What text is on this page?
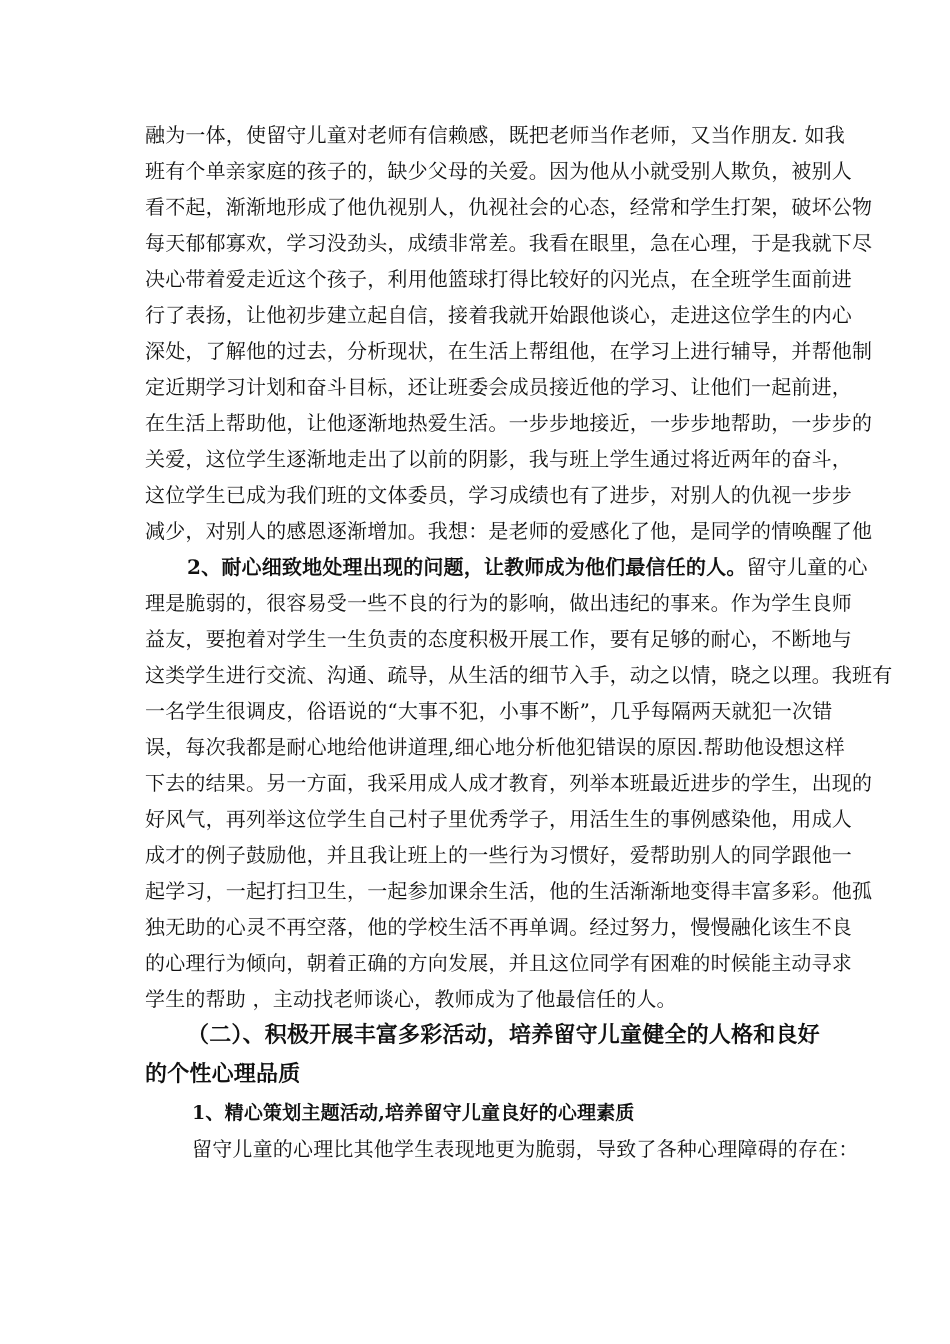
融为一体，使留守儿童对老师有信赖感，既把老师当作老师，又当作朋友. 如我
班有个单亲家庭的孩子的，缺少父母的关爱。因为他从小就受别人欺负，被别人
看不起，渐渐地形成了他仇视别人，仇视社会的心态，经常和学生打架，破坏公物
每天郁郁寡欢，学习没劲头，成绩非常差。我看在眼里，急在心理，于是我就下尽
决心带着爱走近这个孩子，利用他篮球打得比较好的闪光点，在全班学生面前进
行了表扬，让他初步建立起自信，接着我就开始跟他谈心，走进这位学生的内心
深处，了解他的过去，分析现状，在生活上帮组他，在学习上进行辅导，并帮他制
定近期学习计划和奋斗目标，还让班委会成员接近他的学习、让他们一起前进，
在生活上帮助他，让他逐渐地热爱生活。一步步地接近，一步步地帮助，一步步的
关爱，这位学生逐渐地走出了以前的阴影，我与班上学生通过将近两年的奋斗，
这位学生已成为我们班的文体委员，学习成绩也有了进步，对别人的仇视一步步
减少，对别人的感恩逐渐增加。我想：是老师的爱感化了他，是同学的情唤醒了他
2、耐心细致地处理出现的问题，让教师成为他们最信任的人。留守儿童的心
理是脆弱的，很容易受一些不良的行为的影响，做出违纪的事来。作为学生良师
益友，要抱着对学生一生负责的态度积极开展工作，要有足够的耐心，不断地与
这类学生进行交流、沟通、疏导，从生活的细节入手，动之以情，晓之以理。我班有
一名学生很调皮，俗语说的“大事不犯，小事不断”，几乎每隔两天就犯一次错
误，每次我都是耐心地给他讲道理,细心地分析他犯错误的原因.帮助他设想这样
下去的结果。另一方面，我采用成人成才教育，列举本班最近进步的学生，出现的
好风气，再列举这位学生自己村子里优秀学子，用活生生的事例感染他，用成人
成才的例子鼓励他，并且我让班上的一些行为习惯好，爱帮助别人的同学跟他一
起学习，一起打扫卫生，一起参加课余生活，他的生活渐渐地变得丰富多彩。他孤
独无助的心灵不再空落，他的学校生活不再单调。经过努力，慢慢融化该生不良
的心理行为倾向，朝着正确的方向发展，并且这位同学有困难的时候能主动寻求
学生的帮助 ，主动找老师谈心，教师成为了他最信任的人。
（二）、积极开展丰富多彩活动，培养留守儿童健全的人格和良好
的个性心理品质
1、精心策划主题活动,培养留守儿童良好的心理素质
留守儿童的心理比其他学生表现地更为脆弱，导致了各种心理障碍的存在：
